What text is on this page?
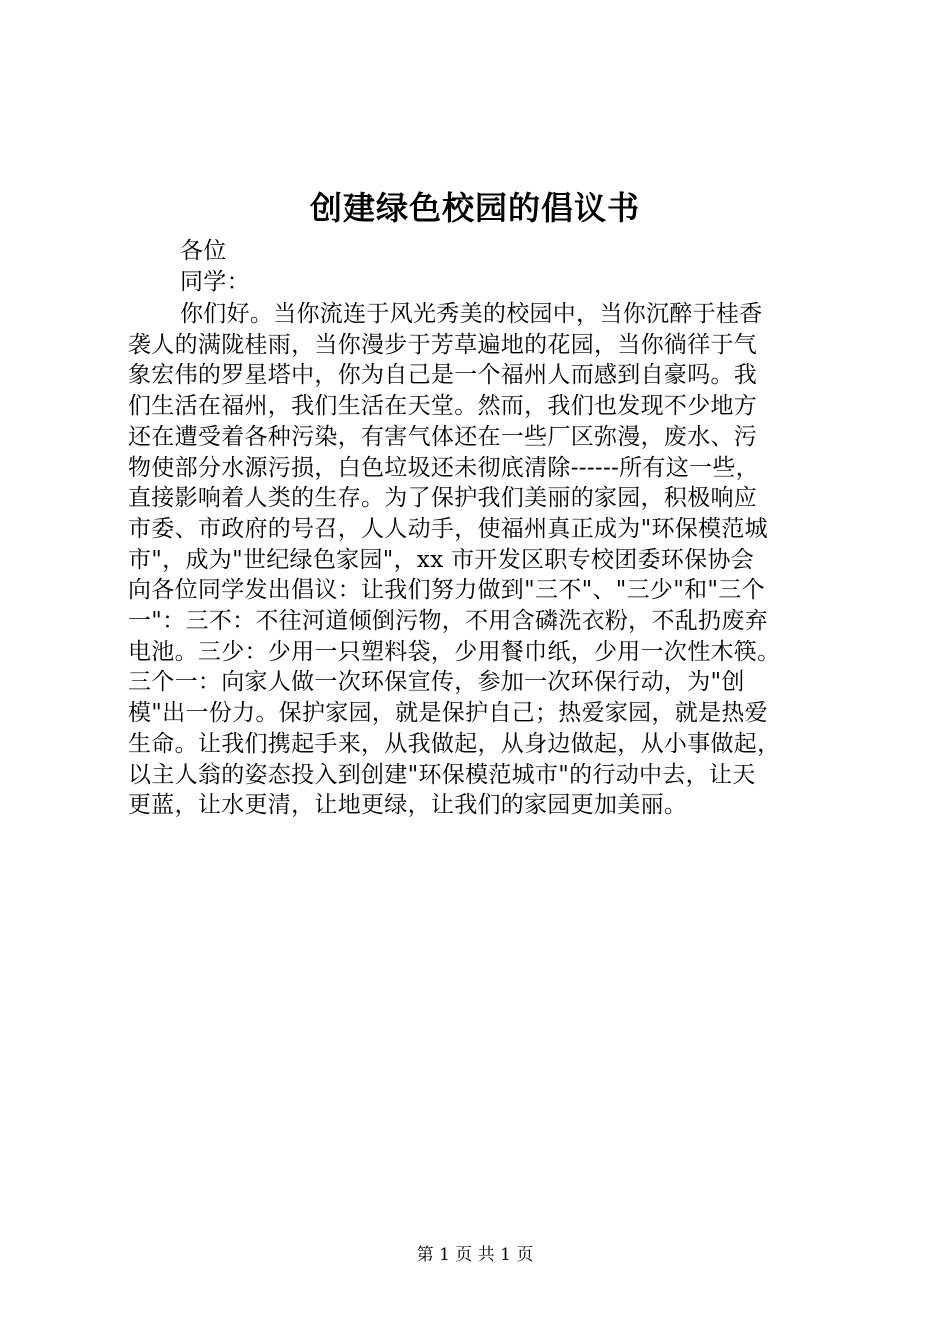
创建绿色校园的倡议书
各位
同学：
你们好。当你流连于风光秀美的校园中，当你沉醉于桂香
袭人的满陇桂雨，当你漫步于芳草遍地的花园，当你徜徉于气
象宏伟的罗星塔中，你为自己是一个福州人而感到自豪吗。我
们生活在福州，我们生活在天堂。然而，我们也发现不少地方
还在遭受着各种污染，有害气体还在一些厂区弥漫，废水、污
物使部分水源污损，白色垃圾还未彻底清除------所有这一些，
直接影响着人类的生存。为了保护我们美丽的家园，积极响应
市委、市政府的号召，人人动手，使福州真正成为"环保模范城
市"，成为"世纪绿色家园"，xx 市开发区职专校团委环保协会
向各位同学发出倡议：让我们努力做到"三不"、"三少"和"三个
一"：三不：不往河道倾倒污物，不用含磷洗衣粉，不乱扔废弃
电池。三少：少用一只塑料袋，少用餐巾纸，少用一次性木筷。
三个一：向家人做一次环保宣传，参加一次环保行动，为"创
模"出一份力。保护家园，就是保护自己；热爱家园，就是热爱
生命。让我们携起手来，从我做起，从身边做起，从小事做起，
以主人翁的姿态投入到创建"环保模范城市"的行动中去，让天
更蓝，让水更清，让地更绿，让我们的家园更加美丽。
第 1 页 共 1 页
